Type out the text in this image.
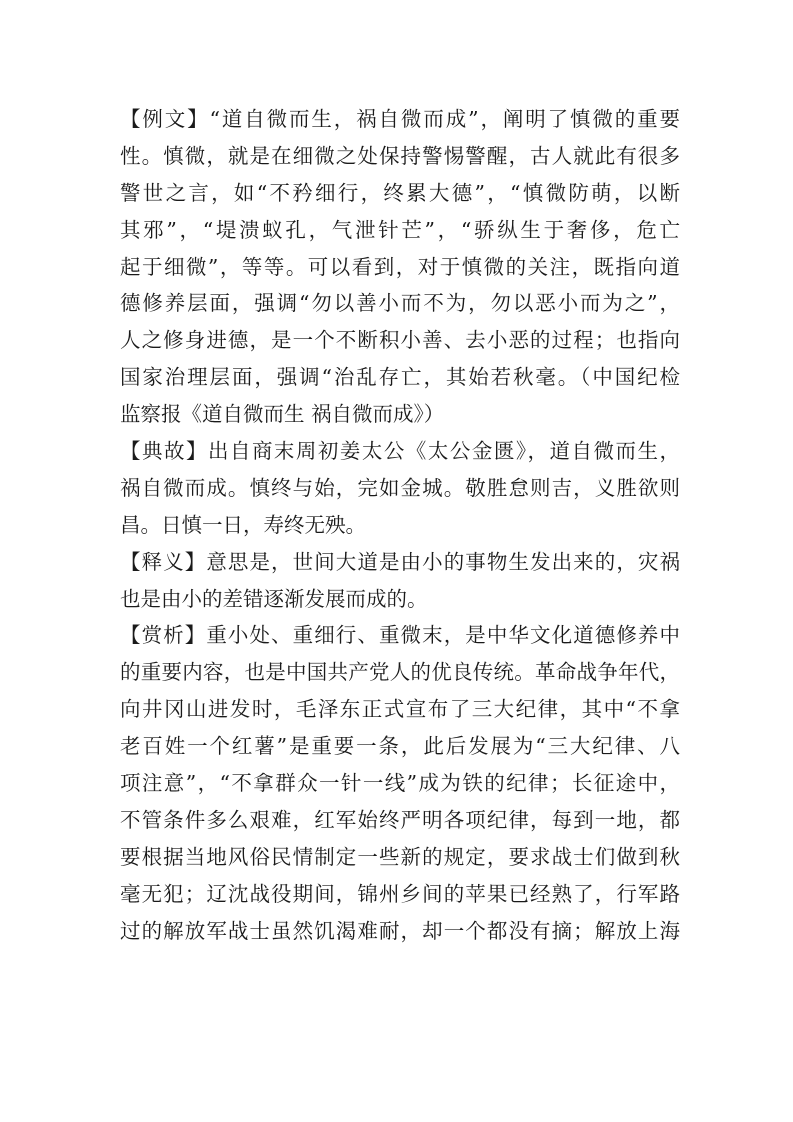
【例文】“道自微而生，祸自微而成”，阐明了慎微的重要
性。慎微，就是在细微之处保持警惕警醒，古人就此有很多
警世之言，如“不矜细行，终累大德”，“慎微防萌，以断
其邪”，“堤溃蚁孔，气泄针芒”，“骄纵生于奢侈，危亡
起于细微”，等等。可以看到，对于慎微的关注，既指向道
德修养层面，强调“勿以善小而不为，勿以恶小而为之”，
人之修身进德，是一个不断积小善、去小恶的过程；也指向
国家治理层面，强调“治乱存亡，其始若秋毫。（中国纪检
监察报《道自微而生 祸自微而成》）
【典故】出自商末周初姜太公《太公金匮》，道自微而生，
祸自微而成。慎终与始，完如金城。敬胜怠则吉，义胜欲则
昌。日慎一日，寿终无殃。
【释义】意思是，世间大道是由小的事物生发出来的，灾祸
也是由小的差错逐渐发展而成的。
【赏析】重小处、重细行、重微末，是中华文化道德修养中
的重要内容，也是中国共产党人的优良传统。革命战争年代，
向井冈山进发时，毛泽东正式宣布了三大纪律，其中“不拿
老百姓一个红薯”是重要一条，此后发展为“三大纪律、八
项注意”，“不拿群众一针一线”成为铁的纪律；长征途中，
不管条件多么艰难，红军始终严明各项纪律，每到一地，都
要根据当地风俗民情制定一些新的规定，要求战士们做到秋
毫无犯；辽沈战役期间，锦州乡间的苹果已经熟了，行军路
过的解放军战士虽然饥渴难耐，却一个都没有摘；解放上海
